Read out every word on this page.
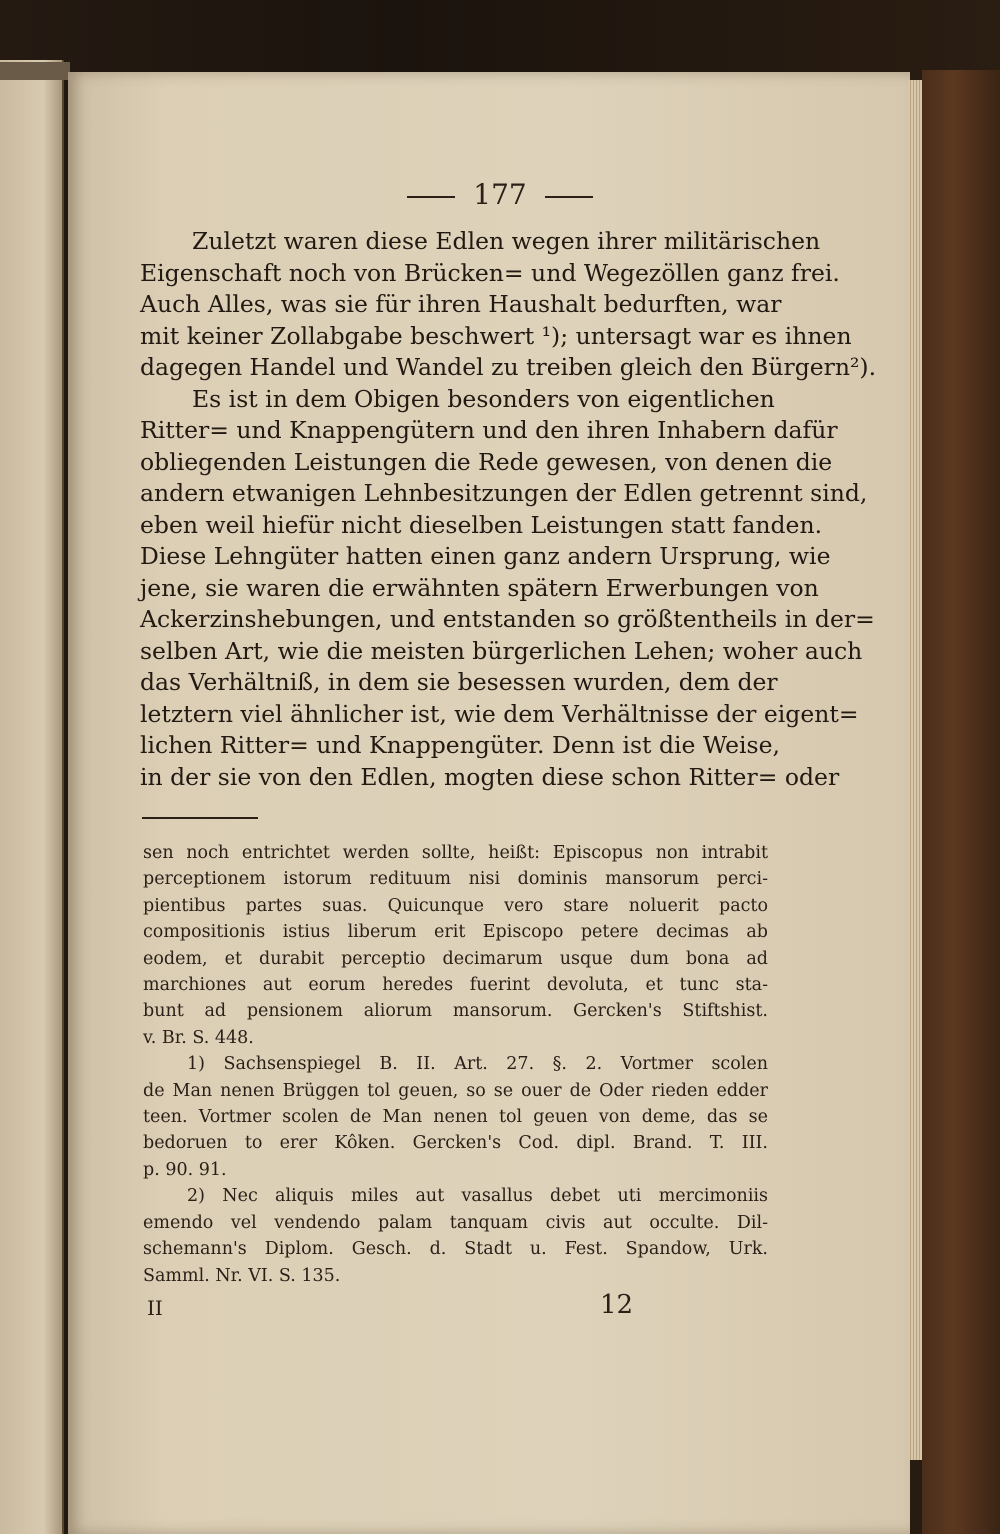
177
Zuletzt waren diese Edlen wegen ihrer militärischen
Eigenschaft noch von Brücken= und Wegezöllen ganz frei.
Auch Alles, was sie für ihren Haushalt bedurften, war
mit keiner Zollabgabe beschwert ¹); untersagt war es ihnen
dagegen Handel und Wandel zu treiben gleich den Bürgern²).
Es ist in dem Obigen besonders von eigentlichen
Ritter= und Knappengütern und den ihren Inhabern dafür
obliegenden Leistungen die Rede gewesen, von denen die
andern etwanigen Lehnbesitzungen der Edlen getrennt sind,
eben weil hiefür nicht dieselben Leistungen statt fanden.
Diese Lehngüter hatten einen ganz andern Ursprung, wie
jene, sie waren die erwähnten spätern Erwerbungen von
Ackerzinshebungen, und entstanden so größtentheils in der=
selben Art, wie die meisten bürgerlichen Lehen; woher auch
das Verhältniß, in dem sie besessen wurden, dem der
letztern viel ähnlicher ist, wie dem Verhältnisse der eigent=
lichen Ritter= und Knappengüter. Denn ist die Weise,
in der sie von den Edlen, mogten diese schon Ritter= oder
sen noch entrichtet werden sollte, heißt: Episcopus non intrabit
perceptionem istorum redituum nisi dominis mansorum perci-
pientibus partes suas. Quicunque vero stare noluerit pacto
compositionis istius liberum erit Episcopo petere decimas ab
eodem, et durabit perceptio decimarum usque dum bona ad
marchiones aut eorum heredes fuerint devoluta, et tunc sta-
bunt ad pensionem aliorum mansorum. Gercken's Stiftshist.
v. Br. S. 448.
1) Sachsenspiegel B. II. Art. 27. §. 2. Vortmer scolen
de Man nenen Brüggen tol geuen, so se ouer de Oder rieden edder
teen. Vortmer scolen de Man nenen tol geuen von deme, das se
bedoruen to erer Kôken. Gercken's Cod. dipl. Brand. T. III.
p. 90. 91.
2) Nec aliquis miles aut vasallus debet uti mercimoniis
emendo vel vendendo palam tanquam civis aut occulte. Dil-
schemann's Diplom. Gesch. d. Stadt u. Fest. Spandow, Urk.
Samml. Nr. VI. S. 135.
II	12
